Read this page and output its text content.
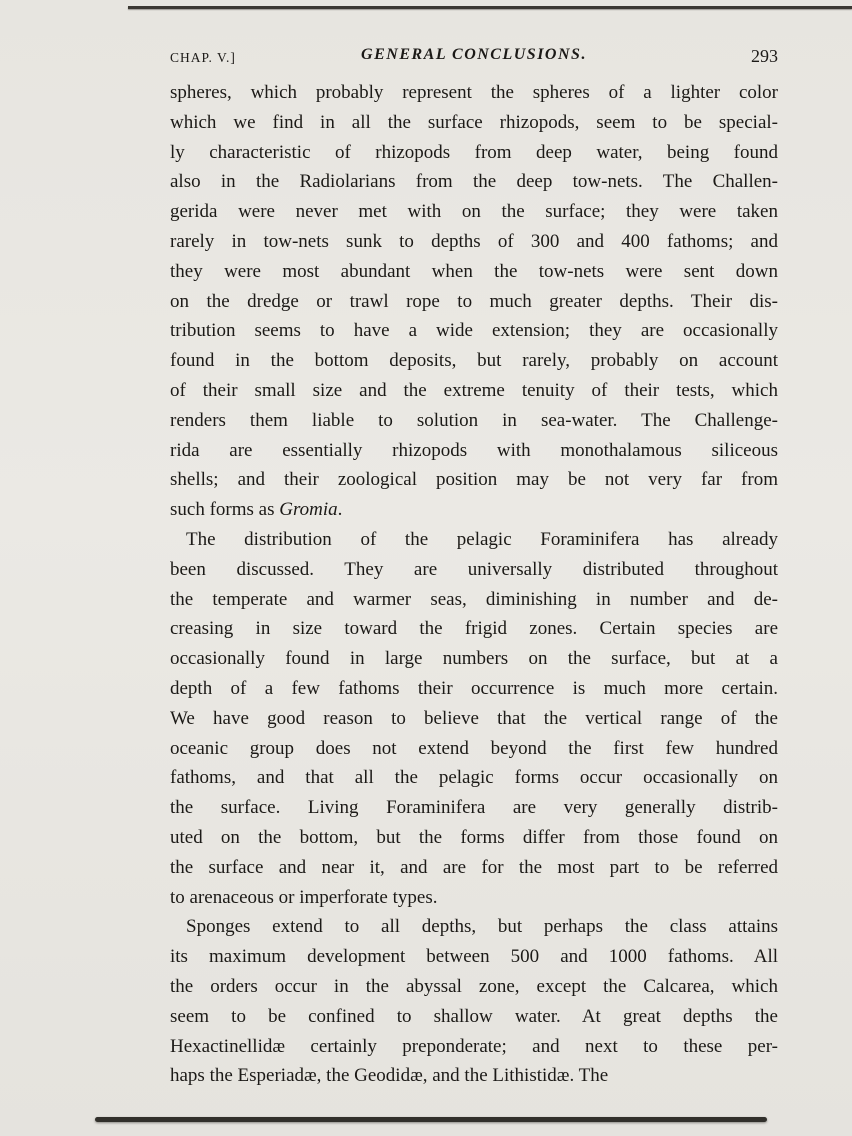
CHAP. V.]	GENERAL CONCLUSIONS.	293
spheres, which probably represent the spheres of a lighter color
which we find in all the surface rhizopods, seem to be special-
ly characteristic of rhizopods from deep water, being found
also in the Radiolarians from the deep tow-nets. The Challen-
gerida were never met with on the surface; they were taken
rarely in tow-nets sunk to depths of 300 and 400 fathoms; and
they were most abundant when the tow-nets were sent down
on the dredge or trawl rope to much greater depths. Their dis-
tribution seems to have a wide extension; they are occasionally
found in the bottom deposits, but rarely, probably on account
of their small size and the extreme tenuity of their tests, which
renders them liable to solution in sea-water. The Challenge-
rida are essentially rhizopods with monothalamous siliceous
shells; and their zoological position may be not very far from
such forms as Gromia.
The distribution of the pelagic Foraminifera has already
been discussed. They are universally distributed throughout
the temperate and warmer seas, diminishing in number and de-
creasing in size toward the frigid zones. Certain species are
occasionally found in large numbers on the surface, but at a
depth of a few fathoms their occurrence is much more certain.
We have good reason to believe that the vertical range of the
oceanic group does not extend beyond the first few hundred
fathoms, and that all the pelagic forms occur occasionally on
the surface. Living Foraminifera are very generally distrib-
uted on the bottom, but the forms differ from those found on
the surface and near it, and are for the most part to be referred
to arenaceous or imperforate types.
Sponges extend to all depths, but perhaps the class attains
its maximum development between 500 and 1000 fathoms. All
the orders occur in the abyssal zone, except the Calcarea, which
seem to be confined to shallow water. At great depths the
Hexactinellidæ certainly preponderate; and next to these per-
haps the Esperiadæ, the Geodidæ, and the Lithistidæ. The
